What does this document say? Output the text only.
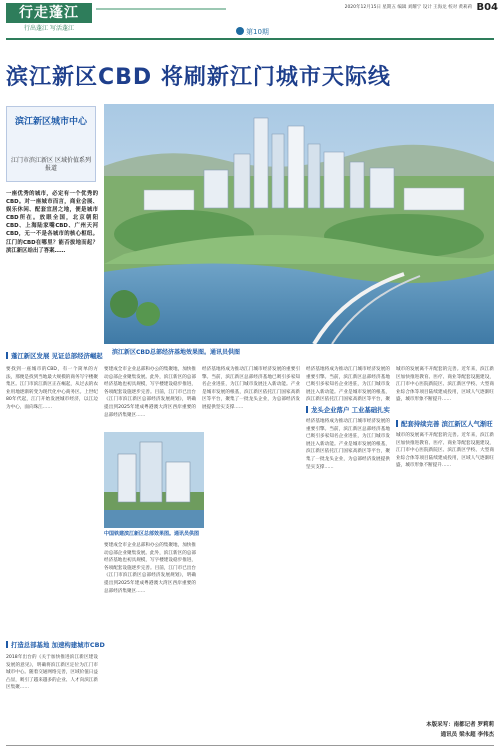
行走蓬江
行出蓬江 写活蓬江	第10期
2020年12月15日 星期五 编辑 刘耀宁 设计 王海龙 校对 黄莉莉 B04
滨江新区CBD 将刷新江门城市天际线
滨江新区城市中心
江门市滨江新区 区域价值系列报道
一座优秀的城市，必定有一个优秀的CBD。对一座城市而言，商业会展、娱乐休闲、配套宜居之地，便是城市CBD所在。放眼全国，北京朝阳CBD、上海陆家嘴CBD、广州天河CBD，无一不是各城市的核心枢纽。江门的CBD在哪里？能否拔地而起？滨江新区给出了答案……
滨江新区CBD总部经济基地效果图。通讯员供图
蓬江新区发展 见证总部经济崛起
打造总部基地 加速构建城市CBD
龙头企业落户 工业基础扎实
配套持续完善 滨江新区人气渐旺
要找到一座城市的CBD，有一个简单的方法，那便是找到当地最大规模的商务写字楼聚集区。江门市滨江新区正在崛起，从过去的农业用地逐渐转变为现代化中心商务区。上世纪80年代起，江门开始发展城市经济，以江边为中心，面向珠江……
2018年出台的《关于加快推进滨江新区建设发展的意见》，明确将滨江新区定位为江门市城市中心。随着交通网络完善，区域价值日益凸显，吸引了越来越多的企业、人才向滨江新区集聚……
要建成全市企业总部和办公的集聚地，加快推动总部企业聚集发展。此外，滨江新区的总部经济基地也初具规模，写字楼建设稳步推进，各项配套设施逐步完善。目前，江门市已出台《江门市滨江新区总部经济发展规划》，明确提出到2025年建成粤港澳大湾区西岸重要的总部经济集聚区……
中国铁建滨江新区总部效果图。通讯员供图
要建成全市企业总部和办公的集聚地，加快推动总部企业聚集发展。此外，滨江新区的总部经济基地也初具规模，写字楼建设稳步推进，各项配套设施逐步完善。目前，江门市已出台《江门市滨江新区总部经济发展规划》，明确提出到2025年建成粤港澳大湾区西岸重要的总部经济集聚区……
经济基地将成为推动江门城市经济发展的重要引擎。当前，滨江新区总部经济基地已吸引多家知名企业进驻，为江门城市发展注入新动能。产业是城市发展的根基，滨江新区依托江门国家高新区等平台，聚集了一批龙头企业，为总部经济发展提供坚实支撑……
经济基地将成为推动江门城市经济发展的重要引擎。当前，滨江新区总部经济基地已吸引多家知名企业进驻，为江门城市发展注入新动能。产业是城市发展的根基，滨江新区依托江门国家高新区等平台，聚
经济基地将成为推动江门城市经济发展的重要引擎。当前，滨江新区总部经济基地已吸引多家知名企业进驻，为江门城市发展注入新动能。产业是城市发展的根基，滨江新区依托江门国家高新区等平台，聚集了一批龙头企业，为总部经济发展提供坚实支撑……
城市的发展离不开配套的完善。近年来，滨江新区加快推进教育、医疗、商业等配套设施建设，江门市中心医院新院区、滨江新区学校、大型商业综合体等项目陆续建成投用，区域人气逐渐旺盛，城市形象不断提升……
城市的发展离不开配套的完善。近年来，滨江新区加快推进教育、医疗、商业等配套设施建设，江门市中心医院新院区、滨江新区学校、大型商业综合体等项目陆续建成投用，区域人气逐渐旺盛，城市形象不断提升……
本版采写：南都记者 罗莉莉
通讯员 梁永超 李伟杰
